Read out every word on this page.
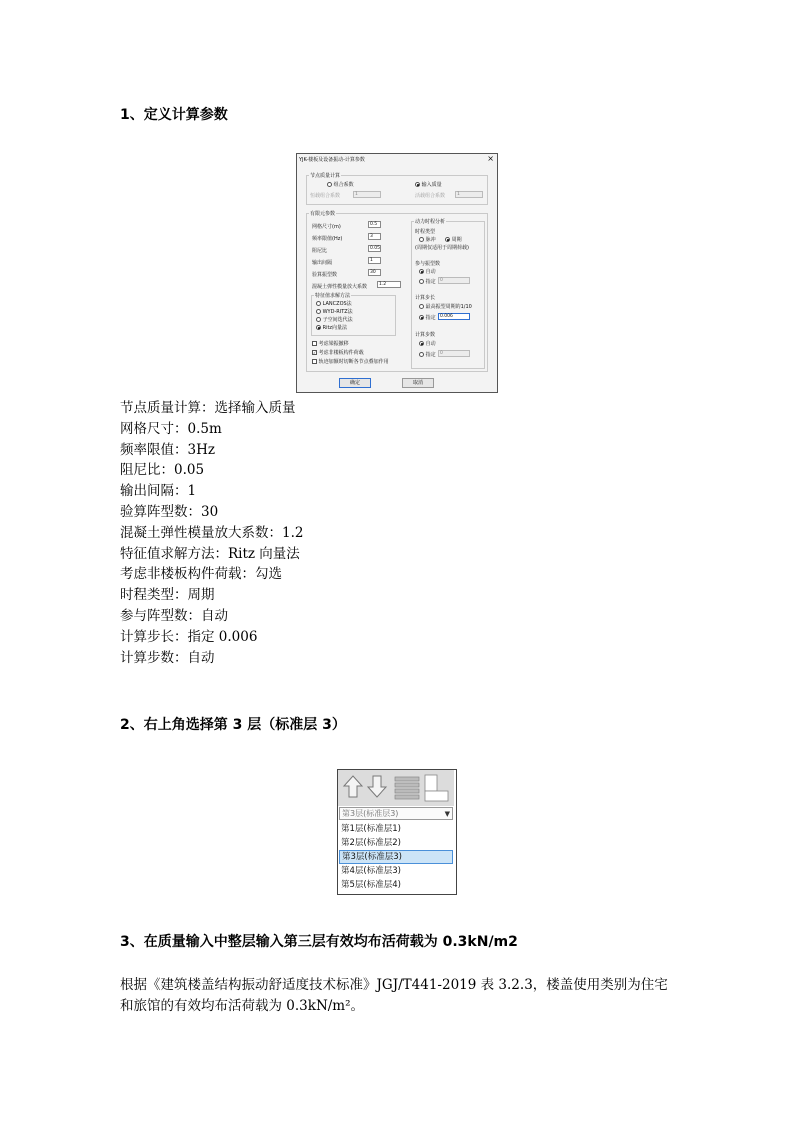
1、定义计算参数
YJK-楼板及设备振动-计算参数	×
节点质量计算
组合系数	输入质量
恒载组合系数	1	活载组合系数	1
有限元参数
网格尺寸(m)	0.5
频率限值(Hz)	3
阻尼比	0.05
输出间隔	1
验算振型数	30
混凝土弹性模量放大系数	1.2
特征值求解方法
LANCZOS法
WYD-RITZ法
子空间迭代法
Ritz向量法
考虑梁振撤移
✓ 考虑非楼板构件荷载
轨迹加额时切断各节点叠加作用
动力时程分析
时程类型
脉冲	周期
(周期仅适用于周期荷载)
参与振型数
自动
指定 0
计算步长
最高振型周期的1/10
指定 0.006
计算步数
自动
指定 0
确定	取消
节点质量计算：选择输入质量
网格尺寸：0.5m
频率限值：3Hz
阻尼比：0.05
输出间隔：1
验算阵型数：30
混凝土弹性模量放大系数：1.2
特征值求解方法：Ritz 向量法
考虑非楼板构件荷载：勾选
时程类型：周期
参与阵型数：自动
计算步长：指定 0.006
计算步数：自动
2、右上角选择第 3 层（标准层 3）
第3层(标准层3)	▼
第1层(标准层1)
第2层(标准层2)
第3层(标准层3)
第4层(标准层3)
第5层(标准层4)
3、在质量输入中整层输入第三层有效均布活荷载为 0.3kN/m2
根据《建筑楼盖结构振动舒适度技术标准》JGJ/T441-2019 表 3.2.3，楼盖使用类别为住宅和旅馆的有效均布活荷载为 0.3kN/m²。
